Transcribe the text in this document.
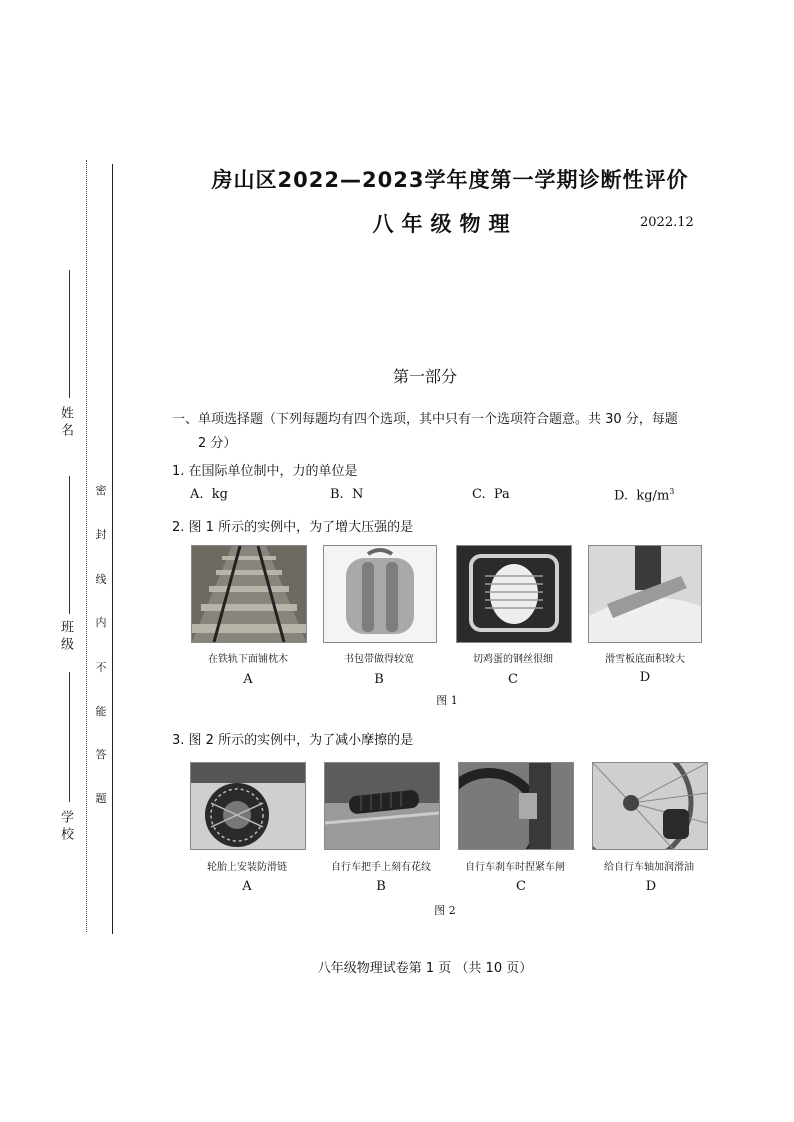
姓名
班级
学校
密
封
线
内
不
能
答
题
房山区2022—2023学年度第一学期诊断性评价
八年级物理	2022.12
第一部分
一、单项选择题（下列每题均有四个选项，其中只有一个选项符合题意。共 30 分，每题
2 分）
1. 在国际单位制中，力的单位是
A. kg	B. N	C. Pa	D. $kg/m^3$
2. 图 1 所示的实例中，为了增大压强的是
在铁轨下面铺枕木	书包带做得较宽	切鸡蛋的钢丝很细	滑雪板底面积较大
A	B	C	D
图 1
3. 图 2 所示的实例中，为了减小摩擦的是
轮胎上安装防滑链	自行车把手上刻有花纹	自行车刹车时捏紧车闸	给自行车轴加润滑油
A	B	C	D
图 2
八年级物理试卷第 1 页 （共 10 页）
